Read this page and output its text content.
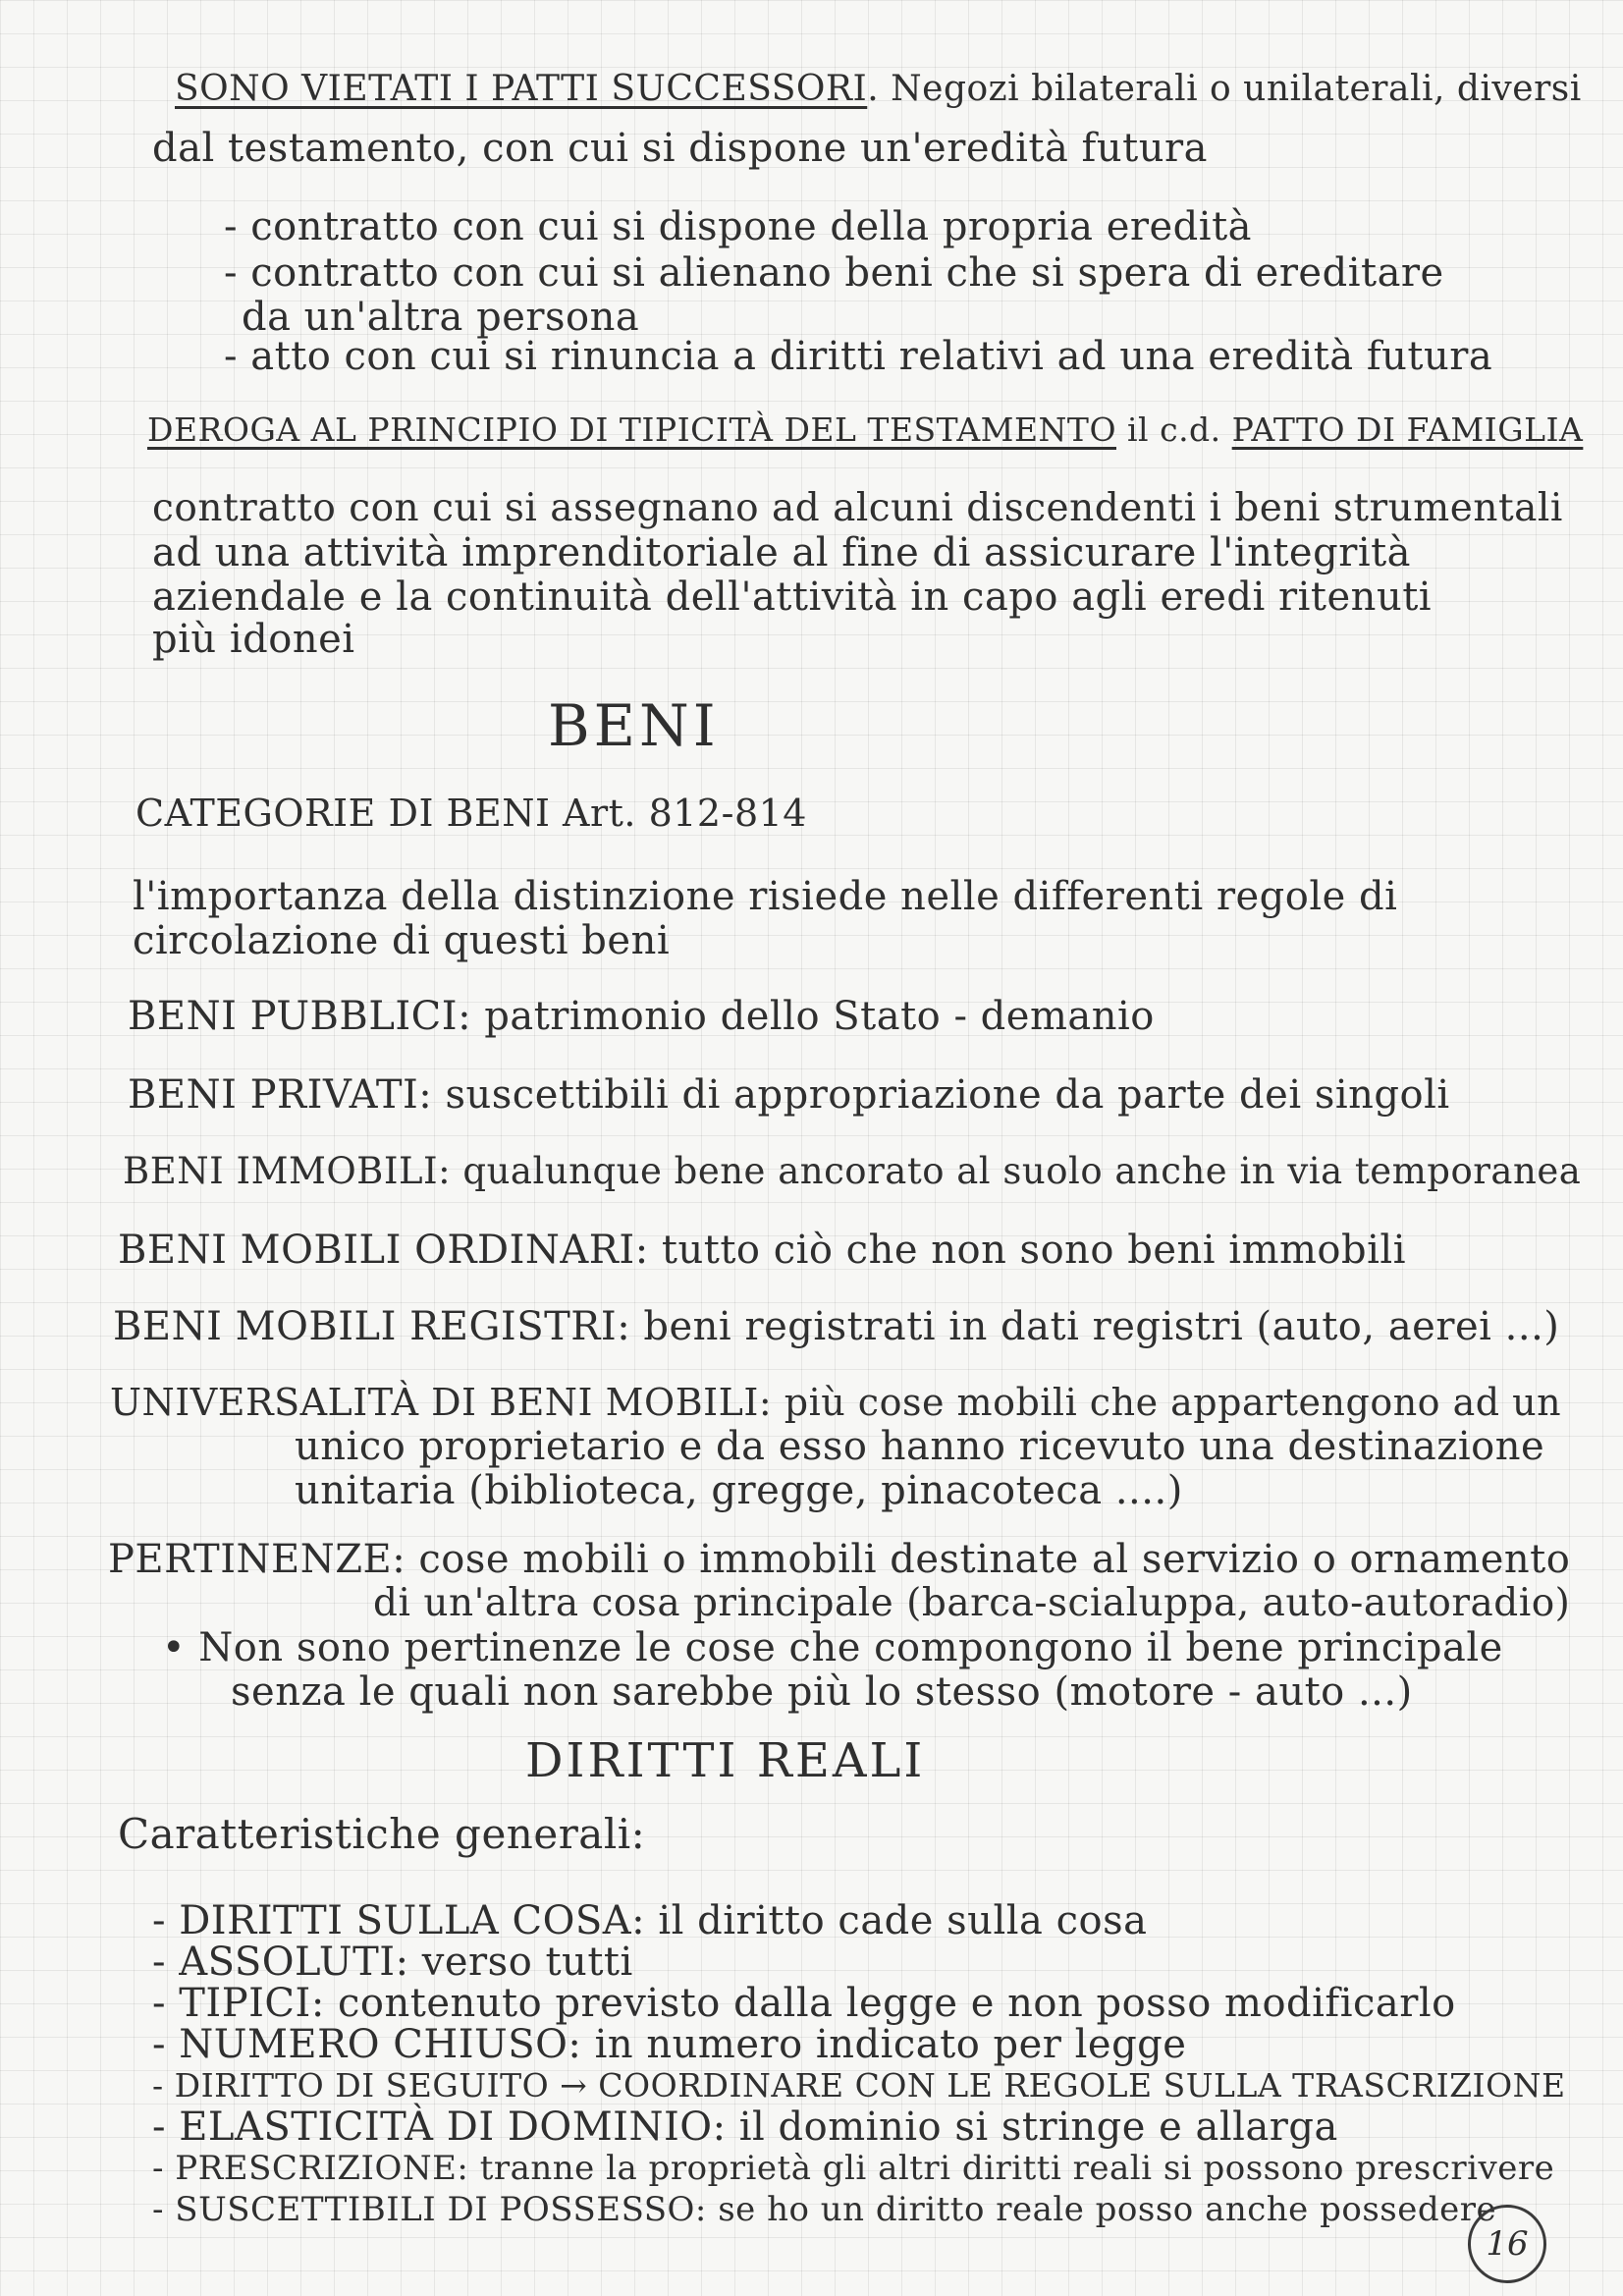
SONO VIETATI I PATTI SUCCESSORI. Negozi bilaterali o unilaterali, diversi
dal testamento, con cui si dispone un'eredità futura
- contratto con cui si dispone della propria eredità
- contratto con cui si alienano beni che si spera di ereditare
da un'altra persona
- atto con cui si rinuncia a diritti relativi ad una eredità futura
DEROGA AL PRINCIPIO DI TIPICITÀ DEL TESTAMENTO il c.d. PATTO DI FAMIGLIA
contratto con cui si assegnano ad alcuni discendenti i beni strumentali
ad una attività imprenditoriale al fine di assicurare l'integrità
aziendale e la continuità dell'attività in capo agli eredi ritenuti
più idonei
BENI
CATEGORIE DI BENI Art. 812-814
l'importanza della distinzione risiede nelle differenti regole di
circolazione di questi beni
BENI PUBBLICI: patrimonio dello Stato - demanio
BENI PRIVATI: suscettibili di appropriazione da parte dei singoli
BENI IMMOBILI: qualunque bene ancorato al suolo anche in via temporanea
BENI MOBILI ORDINARI: tutto ciò che non sono beni immobili
BENI MOBILI REGISTRI: beni registrati in dati registri (auto, aerei ...)
UNIVERSALITÀ DI BENI MOBILI: più cose mobili che appartengono ad un
unico proprietario e da esso hanno ricevuto una destinazione
unitaria (biblioteca, gregge, pinacoteca ....)
PERTINENZE: cose mobili o immobili destinate al servizio o ornamento
di un'altra cosa principale (barca-scialuppa, auto-autoradio)
• Non sono pertinenze le cose che compongono il bene principale
senza le quali non sarebbe più lo stesso (motore - auto ...)
DIRITTI REALI
Caratteristiche generali:
- DIRITTI SULLA COSA: il diritto cade sulla cosa
- ASSOLUTI: verso tutti
- TIPICI: contenuto previsto dalla legge e non posso modificarlo
- NUMERO CHIUSO: in numero indicato per legge
- DIRITTO DI SEGUITO → COORDINARE CON LE REGOLE SULLA TRASCRIZIONE
- ELASTICITÀ DI DOMINIO: il dominio si stringe e allarga
- PRESCRIZIONE: tranne la proprietà gli altri diritti reali si possono prescrivere
- SUSCETTIBILI DI POSSESSO: se ho un diritto reale posso anche possedere
16
